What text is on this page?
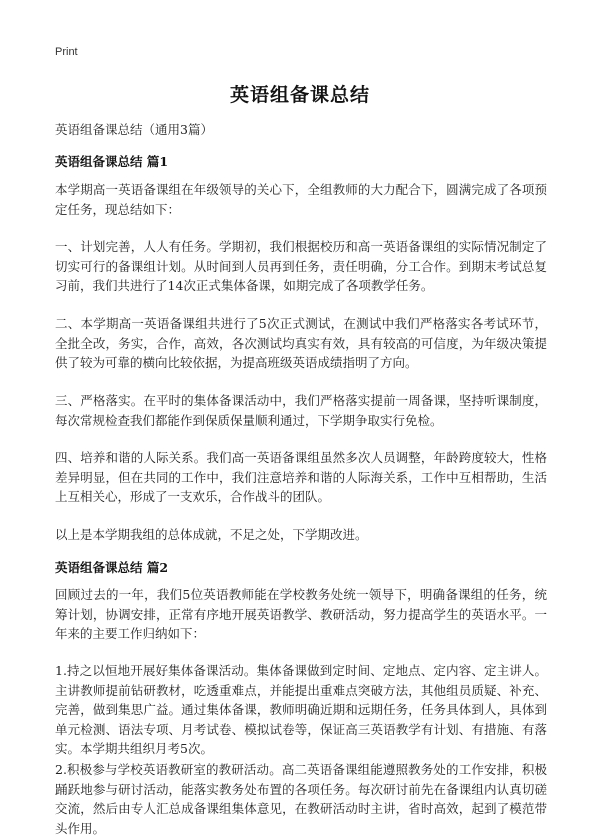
Print
英语组备课总结
英语组备课总结（通用3篇）
英语组备课总结 篇1

本学期高一英语备课组在年级领导的关心下，全组教师的大力配合下，圆满完成了各项预定任务，现总结如下：

一、计划完善，人人有任务。学期初，我们根据校历和高一英语备课组的实际情况制定了切实可行的备课组计划。从时间到人员再到任务，责任明确，分工合作。到期末考试总复习前，我们共进行了14次正式集体备课，如期完成了各项教学任务。

二、本学期高一英语备课组共进行了5次正式测试，在测试中我们严格落实各考试环节，全批全改，务实，合作，高效，各次测试均真实有效，具有较高的可信度，为年级决策提供了较为可靠的横向比较依据，为提高班级英语成绩指明了方向。

三、严格落实。在平时的集体备课活动中，我们严格落实提前一周备课，坚持听课制度，每次常规检查我们都能作到保质保量顺利通过，下学期争取实行免检。

四、培养和谐的人际关系。我们高一英语备课组虽然多次人员调整，年龄跨度较大，性格差异明显，但在共同的工作中，我们注意培养和谐的人际海关系，工作中互相帮助，生活上互相关心，形成了一支欢乐，合作战斗的团队。

以上是本学期我组的总体成就，不足之处，下学期改进。

英语组备课总结 篇2

回顾过去的一年，我们5位英语教师能在学校教务处统一领导下，明确备课组的任务，统筹计划，协调安排，正常有序地开展英语教学、教研活动，努力提高学生的英语水平。一年来的主要工作归纳如下：

1.持之以恒地开展好集体备课活动。集体备课做到定时间、定地点、定内容、定主讲人。主讲教师提前钻研教材，吃透重难点，并能提出重难点突破方法，其他组员质疑、补充、完善，做到集思广益。通过集体备课，教师明确近期和远期任务，任务具体到人，具体到单元检测、语法专项、月考试卷、模拟试卷等，保证高三英语教学有计划、有措施、有落实。本学期共组织月考5次。

2.积极参与学校英语教研室的教研活动。高二英语备课组能遵照教务处的工作安排，积极踊跃地参与研讨活动，能落实教务处布置的各项任务。每次研讨前先在备课组内认真切磋交流，然后由专人汇总成备课组集体意见，在教研活动时主讲，省时高效，起到了模范带头作用。
